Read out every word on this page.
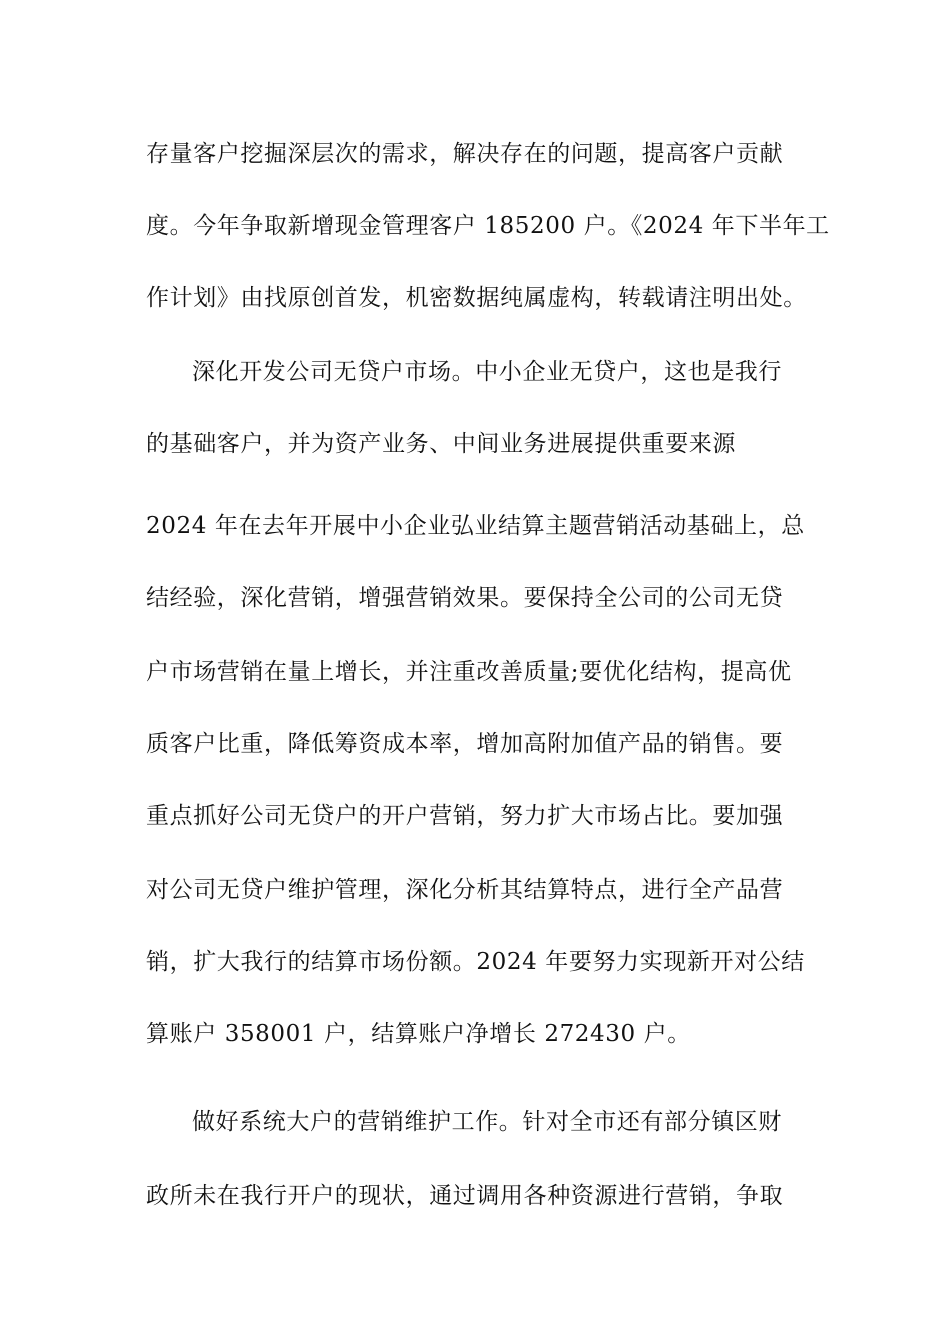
存量客户挖掘深层次的需求，解决存在的问题，提高客户贡献
度。今年争取新增现金管理客户 185200 户。《2024 年下半年工
作计划》由找原创首发，机密数据纯属虚构，转载请注明出处。
深化开发公司无贷户市场。中小企业无贷户，这也是我行
的基础客户，并为资产业务、中间业务进展提供重要来源
2024 年在去年开展中小企业弘业结算主题营销活动基础上，总
结经验，深化营销，增强营销效果。要保持全公司的公司无贷
户市场营销在量上增长，并注重改善质量;要优化结构，提高优
质客户比重，降低筹资成本率，增加高附加值产品的销售。要
重点抓好公司无贷户的开户营销，努力扩大市场占比。要加强
对公司无贷户维护管理，深化分析其结算特点，进行全产品营
销，扩大我行的结算市场份额。2024 年要努力实现新开对公结
算账户 358001 户，结算账户净增长 272430 户。
做好系统大户的营销维护工作。针对全市还有部分镇区财
政所未在我行开户的现状，通过调用各种资源进行营销，争取
